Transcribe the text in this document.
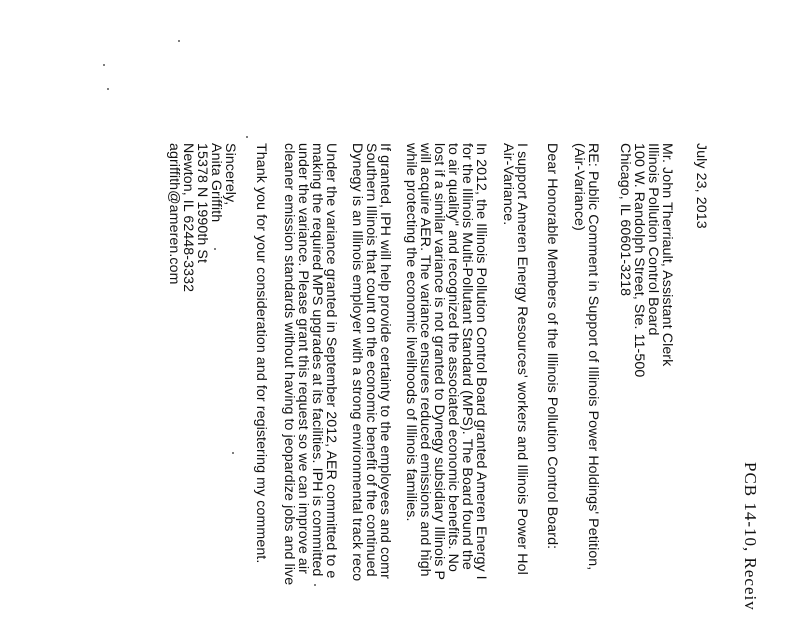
PCB 14-10, Receiv
July 23, 2013
Mr. John Therriault, Assistant Clerk
Illinois Pollution Control Board
100 W. Randolph Street, Ste. 11-500
Chicago, IL 60601-3218
RE: Public Comment in Support of Illinois Power Holdings' Petition,
(Air-Variance)
Dear Honorable Members of the Illinois Pollution Control Board:
I support Ameren Energy Resources' workers and Illinois Power Hol
Air-Variance.
In 2012, the Illinois Pollution Control Board granted Ameren Energy I
for the Illinois Multi-Pollutant Standard (MPS). The Board found the
to air quality" and recognized the associated economic benefits. No
lost if a similar variance is not granted to Dynegy subsidiary Illinois P
will acquire AER. The variance ensures reduced emissions and high
while protecting the economic livelihoods of Illinois families.
If granted, IPH will help provide certainty to the employees and comr
Southern Illinois that count on the economic benefit of the continued
Dynegy is an Illinois employer with a strong environmental track reco
Under the variance granted in September 2012, AER committed to e
making the required MPS upgrades at its facilities. IPH is committed
under the variance. Please grant this request so we can improve air
cleaner emission standards without having to jeopardize jobs and live
Thank you for your consideration and for registering my comment.
Sincerely,
Anita Griffith
15378 N 1990th St
Newton, IL 62448-3332
agriffith@ameren.com
